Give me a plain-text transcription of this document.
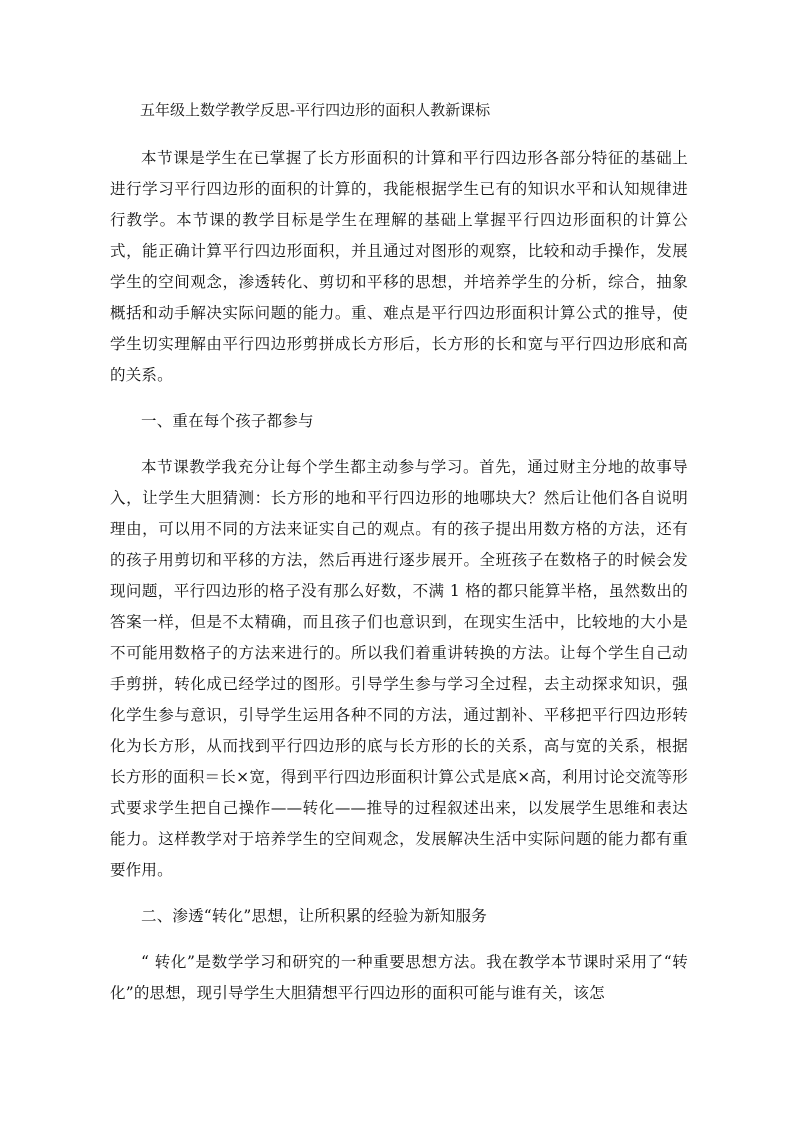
五年级上数学教学反思-平行四边形的面积人教新课标

本节课是学生在已掌握了长方形面积的计算和平行四边形各部分特征的基础上进行学习平行四边形的面积的计算的，我能根据学生已有的知识水平和认知规律进行教学。本节课的教学目标是学生在理解的基础上掌握平行四边形面积的计算公式，能正确计算平行四边形面积，并且通过对图形的观察，比较和动手操作，发展学生的空间观念，渗透转化、剪切和平移的思想，并培养学生的分析，综合，抽象概括和动手解决实际问题的能力。重、难点是平行四边形面积计算公式的推导，使学生切实理解由平行四边形剪拼成长方形后，长方形的长和宽与平行四边形底和高的关系。

一、重在每个孩子都参与

本节课教学我充分让每个学生都主动参与学习。首先，通过财主分地的故事导入，让学生大胆猜测：长方形的地和平行四边形的地哪块大？然后让他们各自说明理由，可以用不同的方法来证实自己的观点。有的孩子提出用数方格的方法，还有的孩子用剪切和平移的方法，然后再进行逐步展开。全班孩子在数格子的时候会发现问题，平行四边形的格子没有那么好数，不满 1 格的都只能算半格，虽然数出的答案一样，但是不太精确，而且孩子们也意识到，在现实生活中，比较地的大小是不可能用数格子的方法来进行的。所以我们着重讲转换的方法。让每个学生自己动手剪拼，转化成已经学过的图形。引导学生参与学习全过程，去主动探求知识，强化学生参与意识，引导学生运用各种不同的方法，通过割补、平移把平行四边形转化为长方形，从而找到平行四边形的底与长方形的长的关系，高与宽的关系，根据长方形的面积＝长×宽，得到平行四边形面积计算公式是底×高，利用讨论交流等形式要求学生把自己操作——转化——推导的过程叙述出来，以发展学生思维和表达能力。这样教学对于培养学生的空间观念，发展解决生活中实际问题的能力都有重要作用。

二、渗透“转化”思想，让所积累的经验为新知服务

“ 转化”是数学学习和研究的一种重要思想方法。我在教学本节课时采用了“转化”的思想，现引导学生大胆猜想平行四边形的面积可能与谁有关，该怎
